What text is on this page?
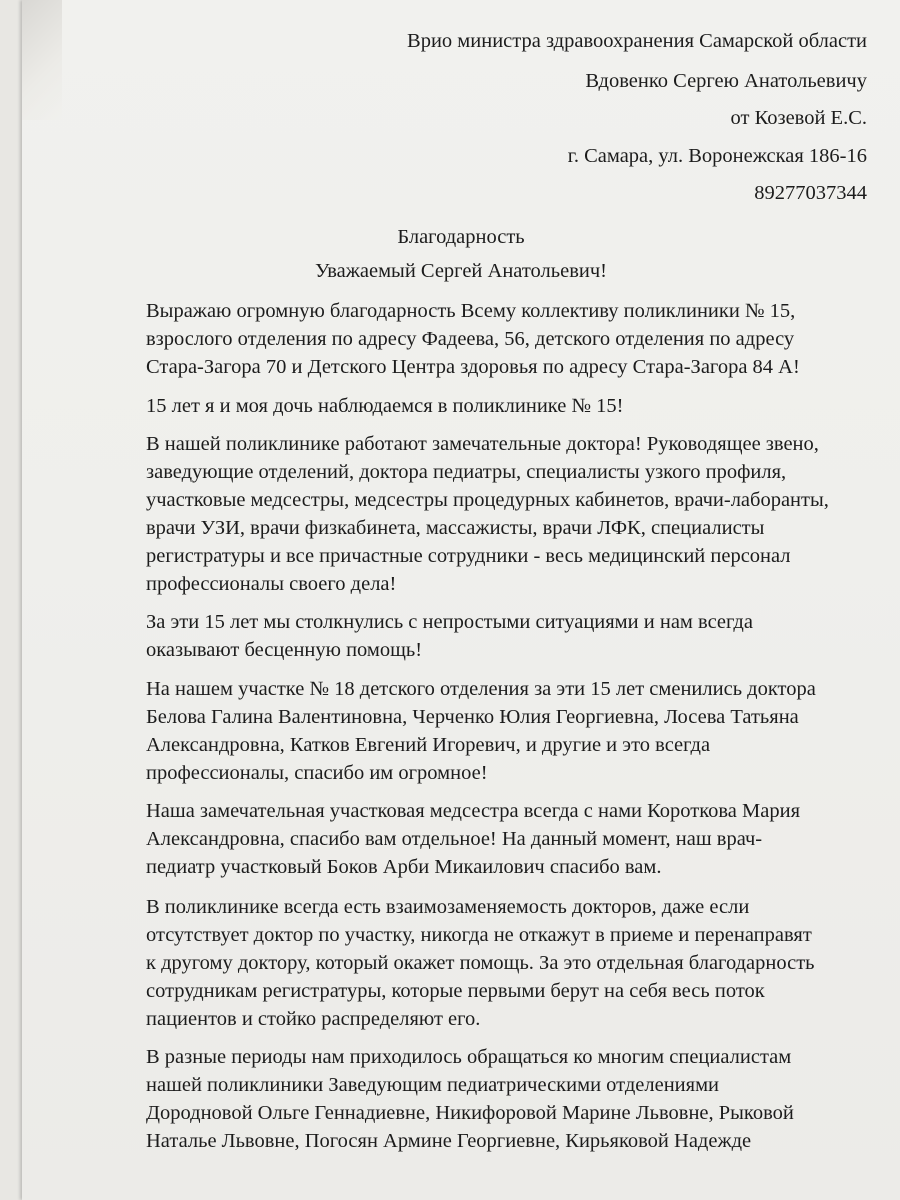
Врио министра здравоохранения Самарской области
Вдовенко Сергею Анатольевичу
от Козевой Е.С.
г. Самара, ул. Воронежская 186-16
89277037344
Благодарность
Уважаемый Сергей Анатольевич!
Выражаю огромную благодарность Всему коллективу поликлиники № 15,
взрослого отделения по адресу Фадеева, 56, детского отделения по адресу
Стара-Загора 70 и Детского Центра здоровья по адресу Стара-Загора 84 А!
15 лет я и моя дочь наблюдаемся в поликлинике № 15!
В нашей поликлинике работают замечательные доктора! Руководящее звено,
заведующие отделений, доктора педиатры, специалисты узкого профиля,
участковые медсестры, медсестры процедурных кабинетов, врачи-лаборанты,
врачи УЗИ, врачи физкабинета, массажисты, врачи ЛФК, специалисты
регистратуры и все причастные сотрудники - весь медицинский персонал
профессионалы своего дела!
За эти 15 лет мы столкнулись с непростыми ситуациями и нам всегда
оказывают бесценную помощь!
На нашем участке № 18 детского отделения за эти 15 лет сменились доктора
Белова Галина Валентиновна, Черченко Юлия Георгиевна, Лосева Татьяна
Александровна, Катков Евгений Игоревич, и другие и это всегда
профессионалы, спасибо им огромное!
Наша замечательная участковая медсестра всегда с нами Короткова Мария
Александровна, спасибо вам отдельное! На данный момент, наш врач-
педиатр участковый Боков Арби Микаилович спасибо вам.
В поликлинике всегда есть взаимозаменяемость докторов, даже если
отсутствует доктор по участку, никогда не откажут в приеме и перенаправят
к другому доктору, который окажет помощь. За это отдельная благодарность
сотрудникам регистратуры, которые первыми берут на себя весь поток
пациентов и стойко распределяют его.
В разные периоды нам приходилось обращаться ко многим специалистам
нашей поликлиники Заведующим педиатрическими отделениями
Дородновой Ольге Геннадиевне, Никифоровой Марине Львовне, Рыковой
Наталье Львовне, Погосян Армине Георгиевне, Кирьяковой Надежде
